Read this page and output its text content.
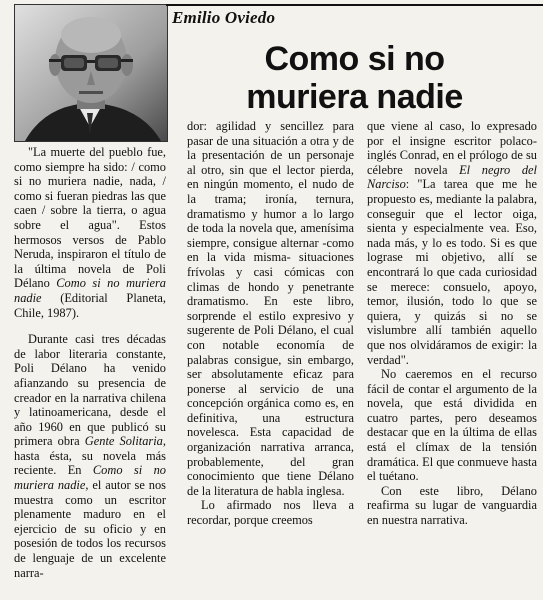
Emilio Oviedo
Como si no
muriera nadie

"La muerte del pueblo fue, como siempre ha sido: / como si no muriera nadie, nada, / como si fueran piedras las que caen / sobre la tierra, o agua sobre el agua". Estos hermosos versos de Pablo Neruda, inspiraron el título de la última novela de Poli Délano Como si no muriera nadie (Editorial Planeta, Chile, 1987).

Durante casi tres décadas de labor literaria constante, Poli Délano ha venido afianzando su presencia de creador en la narrativa chilena y latinoamericana, desde el año 1960 en que publicó su primera obra Gente Solitaria, hasta ésta, su novela más reciente. En Como si no muriera nadie, el autor se nos muestra como un escritor plenamente maduro en el ejercicio de su oficio y en posesión de todos los recursos de lenguaje de un excelente narra-

dor: agilidad y sencillez para pasar de una situación a otra y de la presentación de un personaje al otro, sin que el lector pierda, en ningún momento, el nudo de la trama; ironía, ternura, dramatismo y humor a lo largo de toda la novela que, amenísima siempre, consigue alternar -como en la vida misma- situaciones frívolas y casi cómicas con climas de hondo y penetrante dramatismo. En este libro, sorprende el estilo expresivo y sugerente de Poli Délano, el cual con notable economía de palabras consigue, sin embargo, ser absolutamente eficaz para ponerse al servicio de una concepción orgánica como es, en definitiva, una estructura novelesca. Esta capacidad de organización narrativa arranca, probablemente, del gran conocimiento que tiene Délano de la literatura de habla inglesa.

Lo afirmado nos lleva a recordar, porque creemos

que viene al caso, lo expresado por el insigne escritor polaco-inglés Conrad, en el prólogo de su célebre novela El negro del Narciso: "La tarea que me he propuesto es, mediante la palabra, conseguir que el lector oiga, sienta y especialmente vea. Eso, nada más, y lo es todo. Si es que lograse mi objetivo, allí se encontrará lo que cada curiosidad se merece: consuelo, apoyo, temor, ilusión, todo lo que se quiera, y quizás si no se vislumbre allí también aquello que nos olvidáramos de exigir: la verdad".

No caeremos en el recurso fácil de contar el argumento de la novela, que está dividida en cuatro partes, pero deseamos destacar que en la última de ellas está el clímax de la tensión dramática. El que conmueve hasta el tuétano.

Con este libro, Délano reafirma su lugar de vanguardia en nuestra narrativa.
